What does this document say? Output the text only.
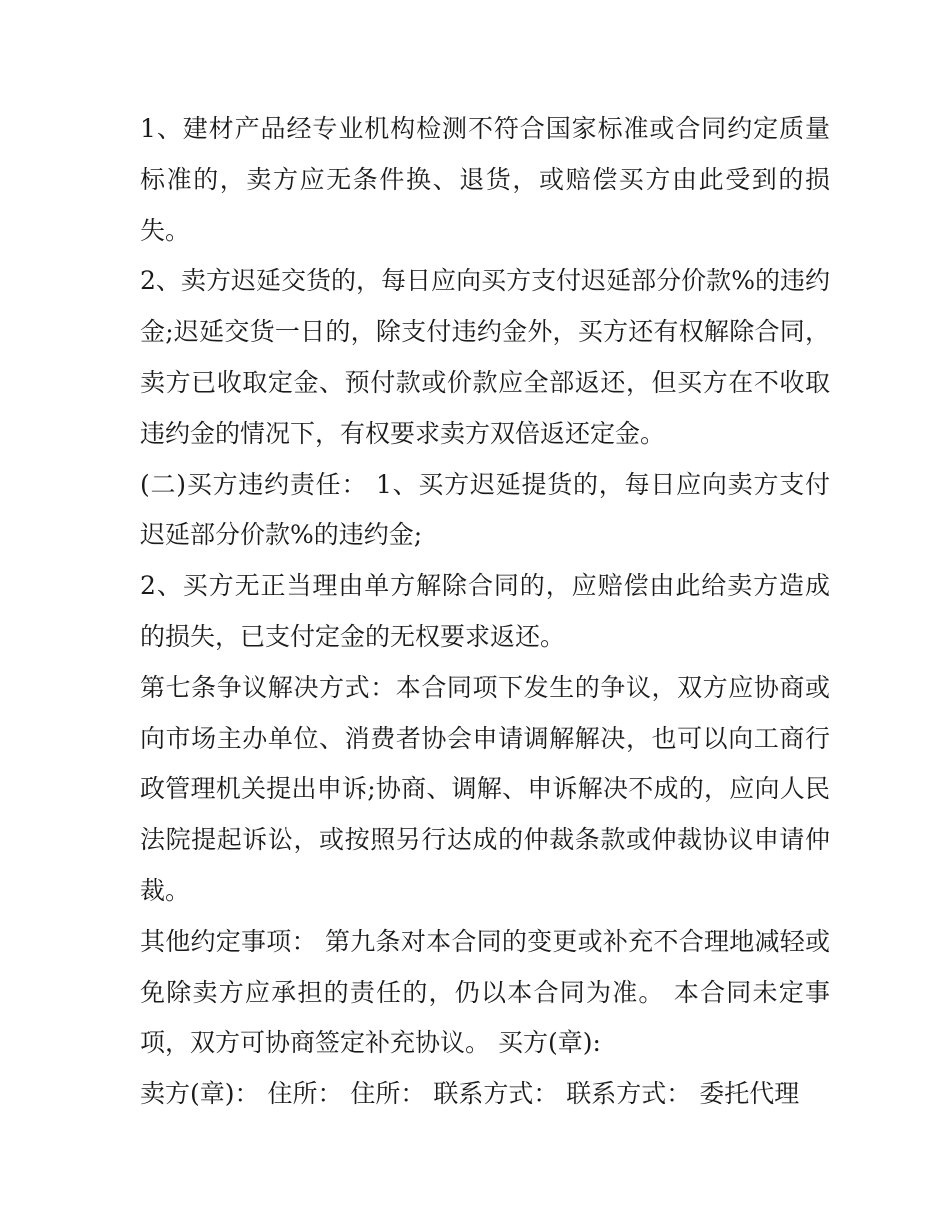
1、建材产品经专业机构检测不符合国家标准或合同约定质量标准的，卖方应无条件换、退货，或赔偿买方由此受到的损失。

2、卖方迟延交货的，每日应向买方支付迟延部分价款%的违约金;迟延交货一日的，除支付违约金外，买方还有权解除合同，卖方已收取定金、预付款或价款应全部返还，但买方在不收取违约金的情况下，有权要求卖方双倍返还定金。

(二)买方违约责任： 1、买方迟延提货的，每日应向卖方支付迟延部分价款%的违约金;

2、买方无正当理由单方解除合同的，应赔偿由此给卖方造成的损失，已支付定金的无权要求返还。

第七条争议解决方式：本合同项下发生的争议，双方应协商或向市场主办单位、消费者协会申请调解解决，也可以向工商行政管理机关提出申诉;协商、调解、申诉解决不成的，应向人民法院提起诉讼，或按照另行达成的仲裁条款或仲裁协议申请仲裁。

其他约定事项： 第九条对本合同的变更或补充不合理地减轻或免除卖方应承担的责任的，仍以本合同为准。 本合同未定事项，双方可协商签定补充协议。 买方(章):

卖方(章)： 住所： 住所： 联系方式： 联系方式： 委托代理
